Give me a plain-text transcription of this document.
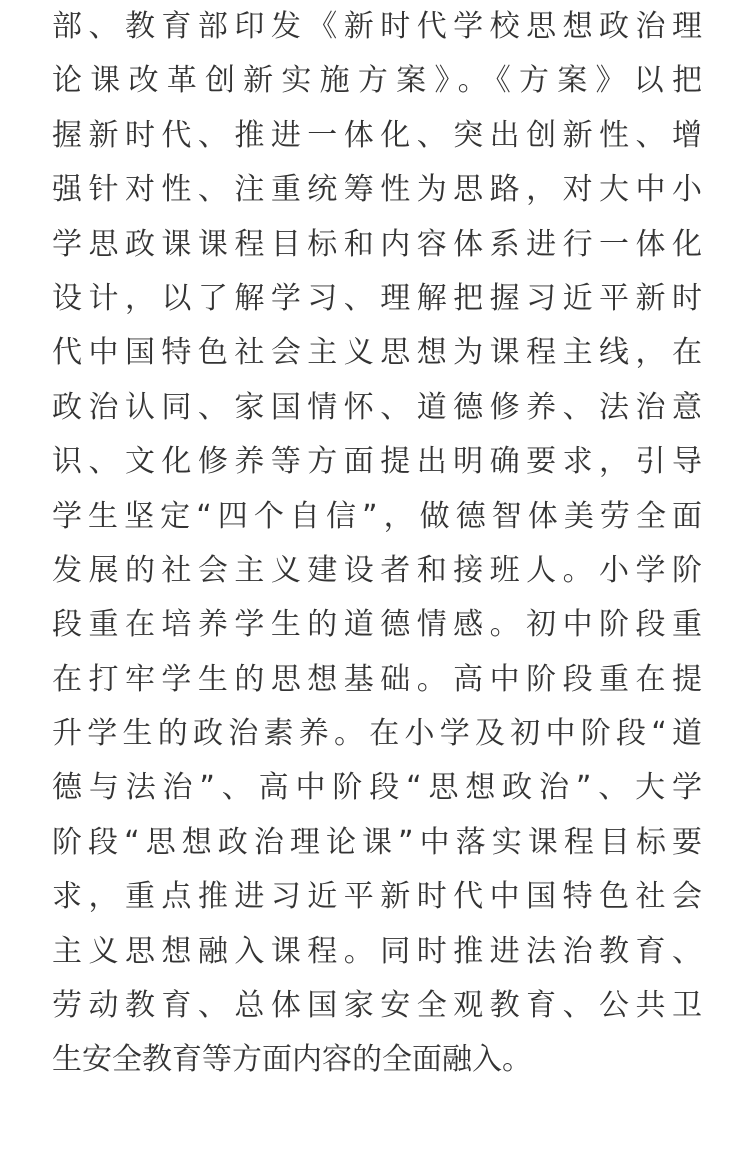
部、教育部印发《新时代学校思想政治理
论课改革创新实施方案》。《方案》以把
握新时代、推进一体化、突出创新性、增
强针对性、注重统筹性为思路，对大中小
学思政课课程目标和内容体系进行一体化
设计，以了解学习、理解把握习近平新时
代中国特色社会主义思想为课程主线，在
政治认同、家国情怀、道德修养、法治意
识、文化修养等方面提出明确要求，引导
学生坚定“四个自信”，做德智体美劳全面
发展的社会主义建设者和接班人。小学阶
段重在培养学生的道德情感。初中阶段重
在打牢学生的思想基础。高中阶段重在提
升学生的政治素养。在小学及初中阶段“道
德与法治”、高中阶段“思想政治”、大学
阶段“思想政治理论课”中落实课程目标要
求，重点推进习近平新时代中国特色社会
主义思想融入课程。同时推进法治教育、
劳动教育、总体国家安全观教育、公共卫
生安全教育等方面内容的全面融入。
